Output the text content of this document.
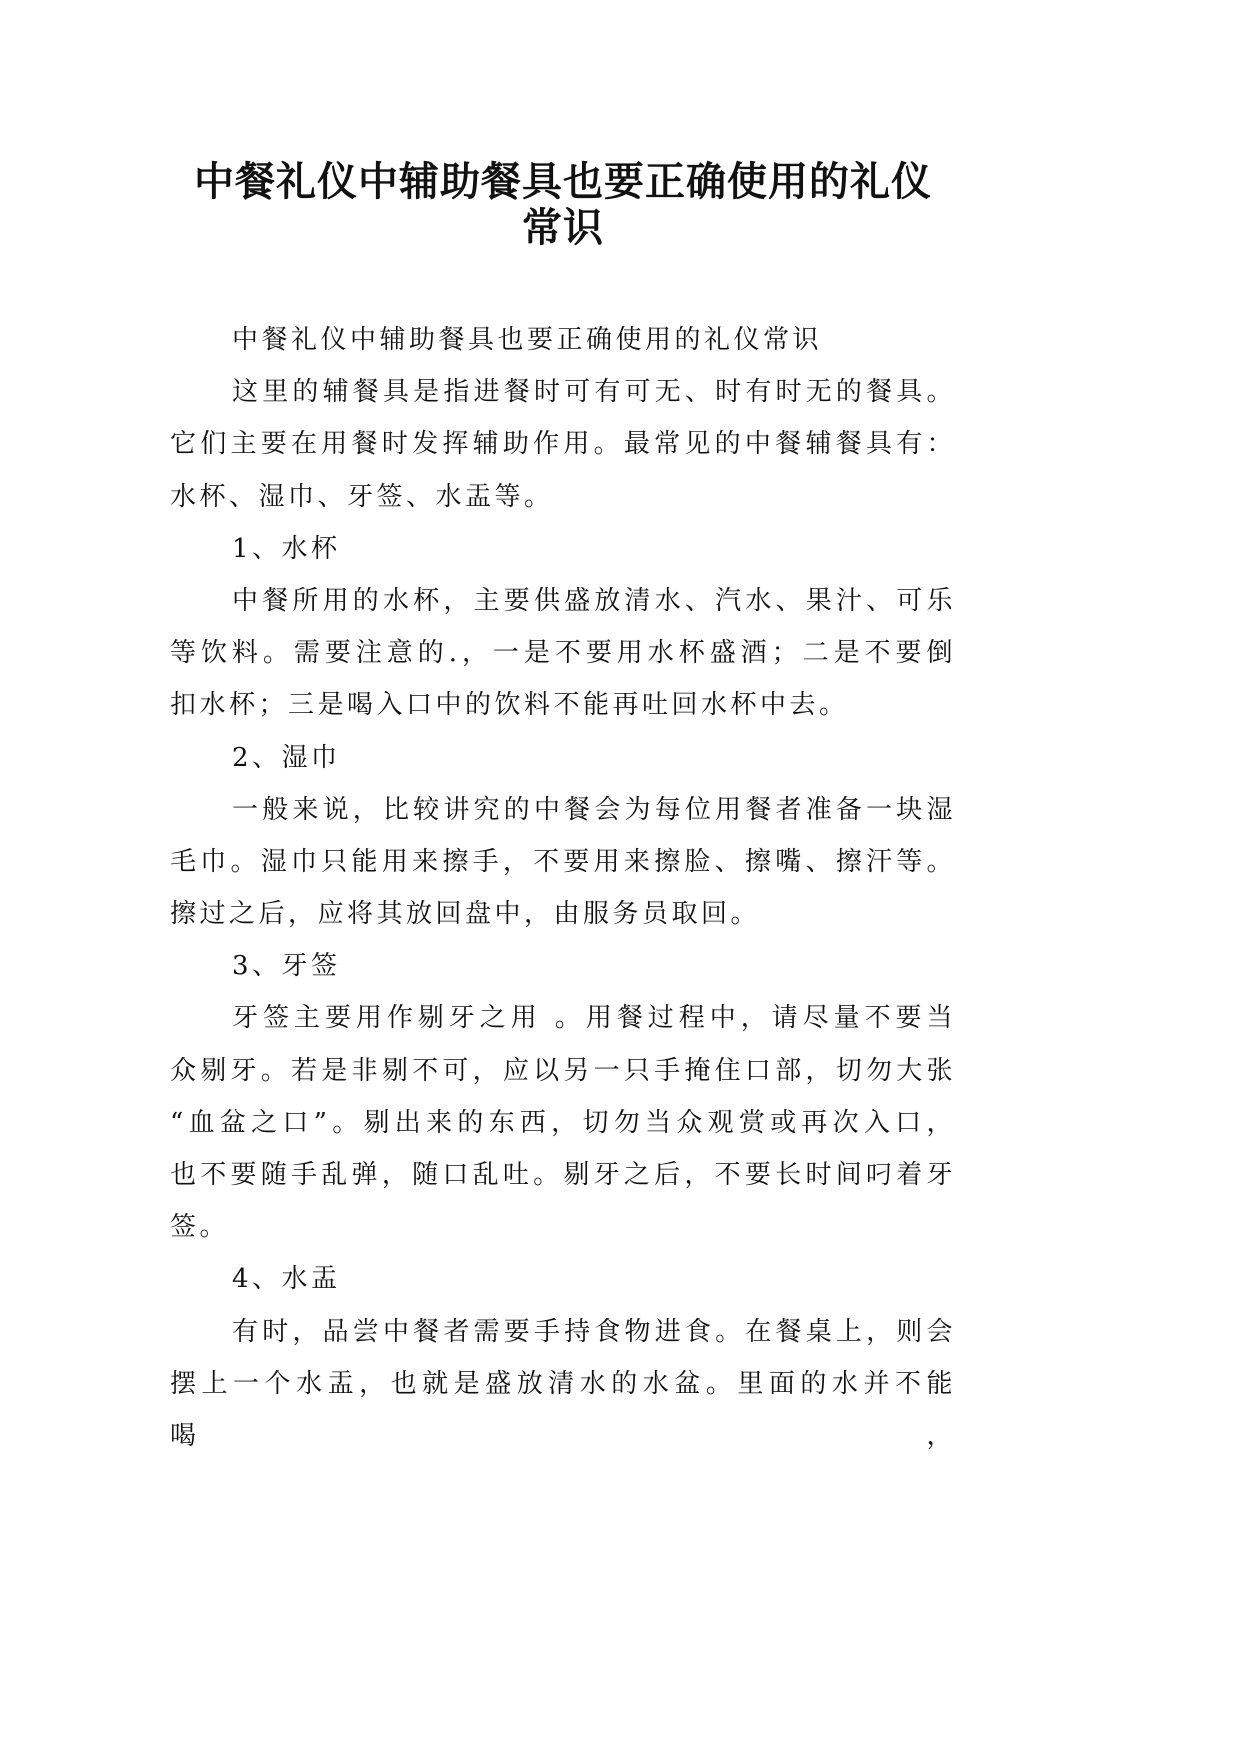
中餐礼仪中辅助餐具也要正确使用的礼仪
常识
中餐礼仪中辅助餐具也要正确使用的礼仪常识
这里的辅餐具是指进餐时可有可无、时有时无的餐具。
它们主要在用餐时发挥辅助作用。最常见的中餐辅餐具有：
水杯、湿巾、牙签、水盂等。
1、水杯
中餐所用的水杯，主要供盛放清水、汽水、果汁、可乐
等饮料。需要注意的.，一是不要用水杯盛酒；二是不要倒
扣水杯；三是喝入口中的饮料不能再吐回水杯中去。
2、湿巾
一般来说，比较讲究的中餐会为每位用餐者准备一块湿
毛巾。湿巾只能用来擦手，不要用来擦脸、擦嘴、擦汗等。
擦过之后，应将其放回盘中，由服务员取回。
3、牙签
牙签主要用作剔牙之用 。用餐过程中，请尽量不要当
众剔牙。若是非剔不可，应以另一只手掩住口部，切勿大张
“血盆之口”。剔出来的东西，切勿当众观赏或再次入口，
也不要随手乱弹，随口乱吐。剔牙之后，不要长时间叼着牙
签。
4、水盂
有时，品尝中餐者需要手持食物进食。在餐桌上，则会
摆上一个水盂，也就是盛放清水的水盆。里面的水并不能喝，
